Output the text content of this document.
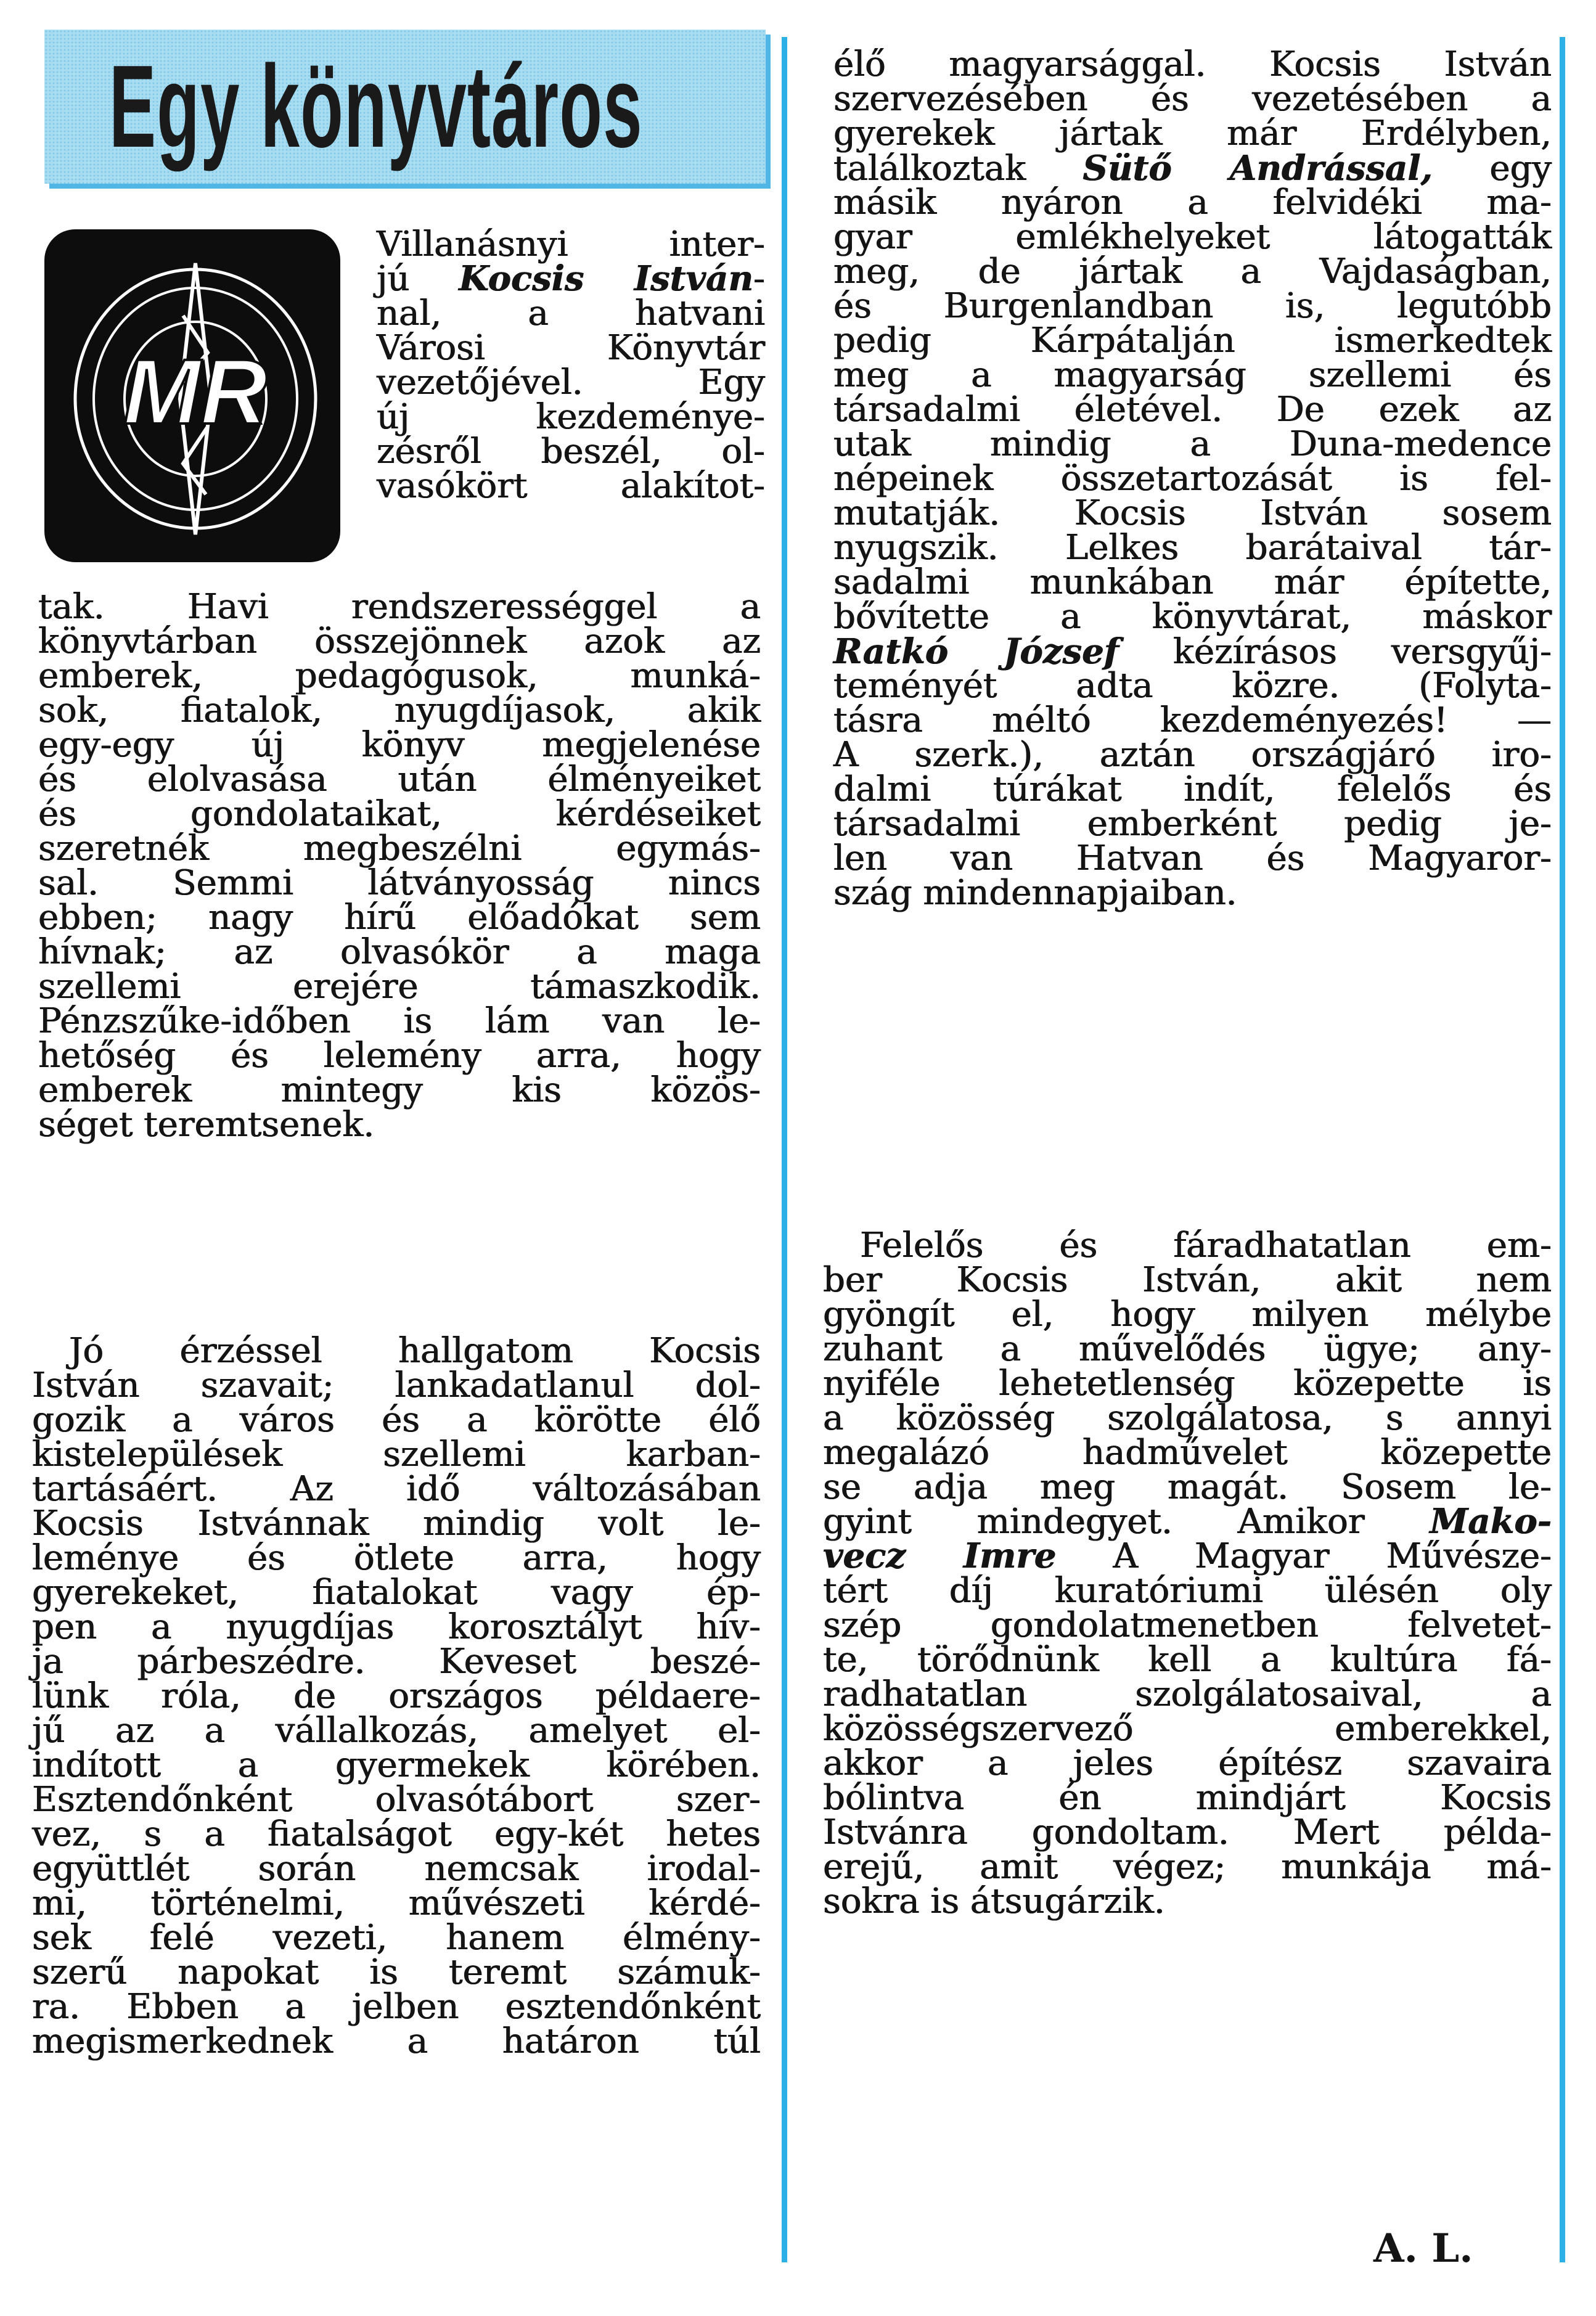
Egy könyvtáros
MR
Villanásnyi inter-
jú Kocsis István-
nal, a hatvani
Városi Könyvtár
vezetőjével. Egy
új kezdeménye-
zésről beszél, ol-
vasókört alakítot-
tak. Havi rendszerességgel a
könyvtárban összejönnek azok az
emberek, pedagógusok, munká-
sok, fiatalok, nyugdíjasok, akik
egy-egy új könyv megjelenése
és elolvasása után élményeiket
és gondolataikat, kérdéseiket
szeretnék megbeszélni egymás-
sal. Semmi látványosság nincs
ebben; nagy hírű előadókat sem
hívnak; az olvasókör a maga
szellemi erejére támaszkodik.
Pénzszűke-időben is lám van le-
hetőség és lelemény arra, hogy
emberek mintegy kis közös-
séget teremtsenek.
Jó érzéssel hallgatom Kocsis
István szavait; lankadatlanul dol-
gozik a város és a körötte élő
kistelepülések szellemi karban-
tartásáért. Az idő változásában
Kocsis Istvánnak mindig volt le-
leménye és ötlete arra, hogy
gyerekeket, fiatalokat vagy ép-
pen a nyugdíjas korosztályt hív-
ja párbeszédre. Keveset beszé-
lünk róla, de országos példaere-
jű az a vállalkozás, amelyet el-
indított a gyermekek körében.
Esztendőnként olvasótábort szer-
vez, s a fiatalságot egy-két hetes
együttlét során nemcsak irodal-
mi, történelmi, művészeti kérdé-
sek felé vezeti, hanem élmény-
szerű napokat is teremt számuk-
ra. Ebben a jelben esztendőnként
megismerkednek a határon túl
élő magyarsággal. Kocsis István
szervezésében és vezetésében a
gyerekek jártak már Erdélyben,
találkoztak Sütő Andrással, egy
másik nyáron a felvidéki ma-
gyar emlékhelyeket látogatták
meg, de jártak a Vajdaságban,
és Burgenlandban is, legutóbb
pedig Kárpátalján ismerkedtek
meg a magyarság szellemi és
társadalmi életével. De ezek az
utak mindig a Duna-medence
népeinek összetartozását is fel-
mutatják. Kocsis István sosem
nyugszik. Lelkes barátaival tár-
sadalmi munkában már építette,
bővítette a könyvtárat, máskor
Ratkó József kézírásos versgyűj-
teményét adta közre. (Folyta-
tásra méltó kezdeményezés! —
A szerk.), aztán országjáró iro-
dalmi túrákat indít, felelős és
társadalmi emberként pedig je-
len van Hatvan és Magyaror-
szág mindennapjaiban.
Felelős és fáradhatatlan em-
ber Kocsis István, akit nem
gyöngít el, hogy milyen mélybe
zuhant a művelődés ügye; any-
nyiféle lehetetlenség közepette is
a közösség szolgálatosa, s annyi
megalázó hadművelet közepette
se adja meg magát. Sosem le-
gyint mindegyet. Amikor Mako-
vecz Imre A Magyar Művésze-
tért díj kuratóriumi ülésén oly
szép gondolatmenetben felvetet-
te, törődnünk kell a kultúra fá-
radhatatlan szolgálatosaival, a
közösségszervező emberekkel,
akkor a jeles építész szavaira
bólintva én mindjárt Kocsis
Istvánra gondoltam. Mert példa-
erejű, amit végez; munkája má-
sokra is átsugárzik.
A. L.
